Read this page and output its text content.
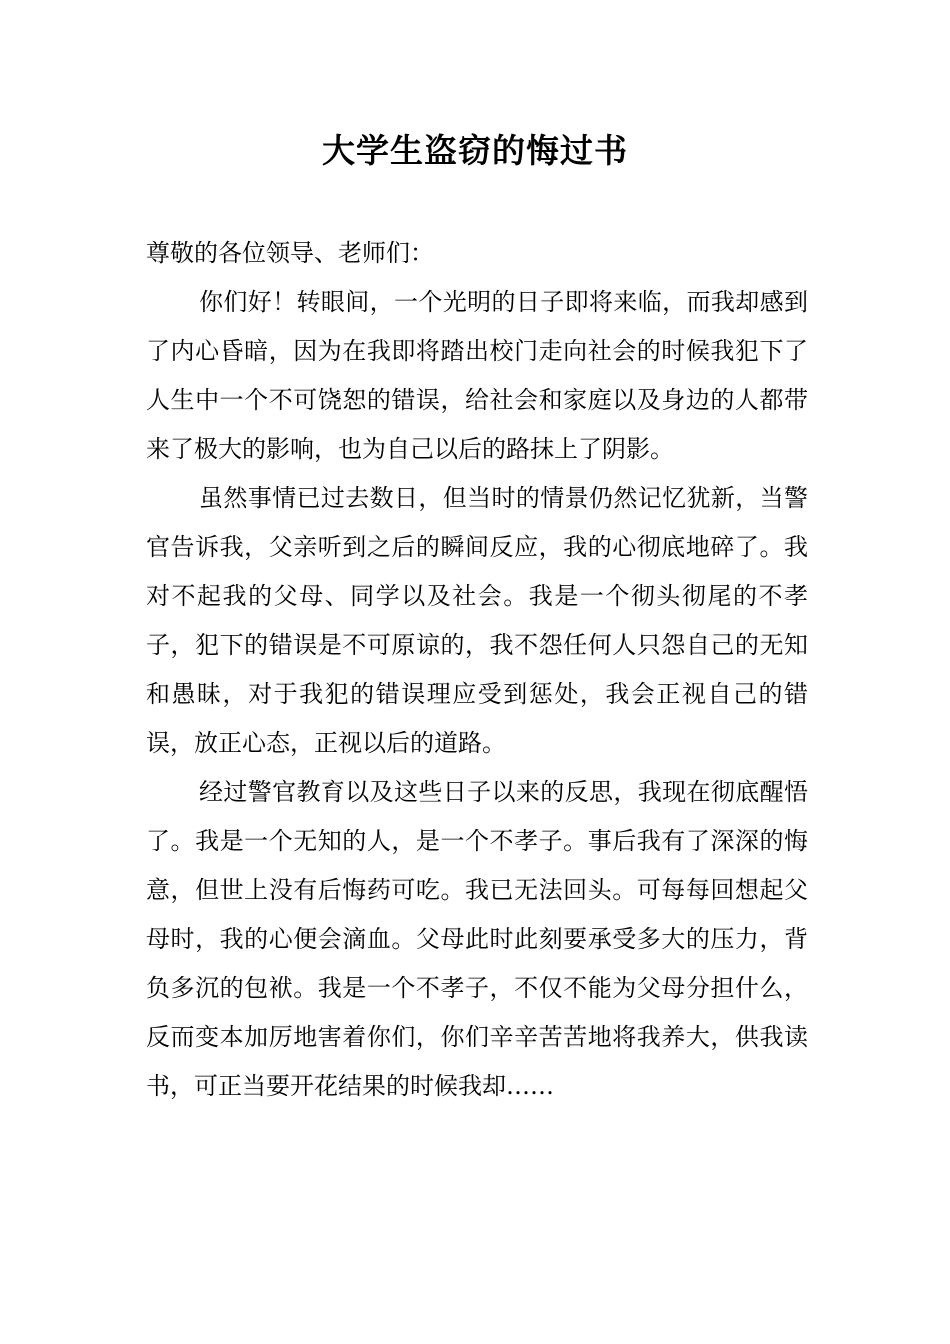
大学生盗窃的悔过书

尊敬的各位领导、老师们：

你们好！转眼间，一个光明的日子即将来临，而我却感到了内心昏暗，因为在我即将踏出校门走向社会的时候我犯下了人生中一个不可饶恕的错误，给社会和家庭以及身边的人都带来了极大的影响，也为自己以后的路抹上了阴影。

虽然事情已过去数日，但当时的情景仍然记忆犹新，当警官告诉我，父亲听到之后的瞬间反应，我的心彻底地碎了。我对不起我的父母、同学以及社会。我是一个彻头彻尾的不孝子，犯下的错误是不可原谅的，我不怨任何人只怨自己的无知和愚昧，对于我犯的错误理应受到惩处，我会正视自己的错误，放正心态，正视以后的道路。

经过警官教育以及这些日子以来的反思，我现在彻底醒悟了。我是一个无知的人，是一个不孝子。事后我有了深深的悔意，但世上没有后悔药可吃。我已无法回头。可每每回想起父母时，我的心便会滴血。父母此时此刻要承受多大的压力，背负多沉的包袱。我是一个不孝子，不仅不能为父母分担什么，反而变本加厉地害着你们，你们辛辛苦苦地将我养大，供我读书，可正当要开花结果的时候我却……
